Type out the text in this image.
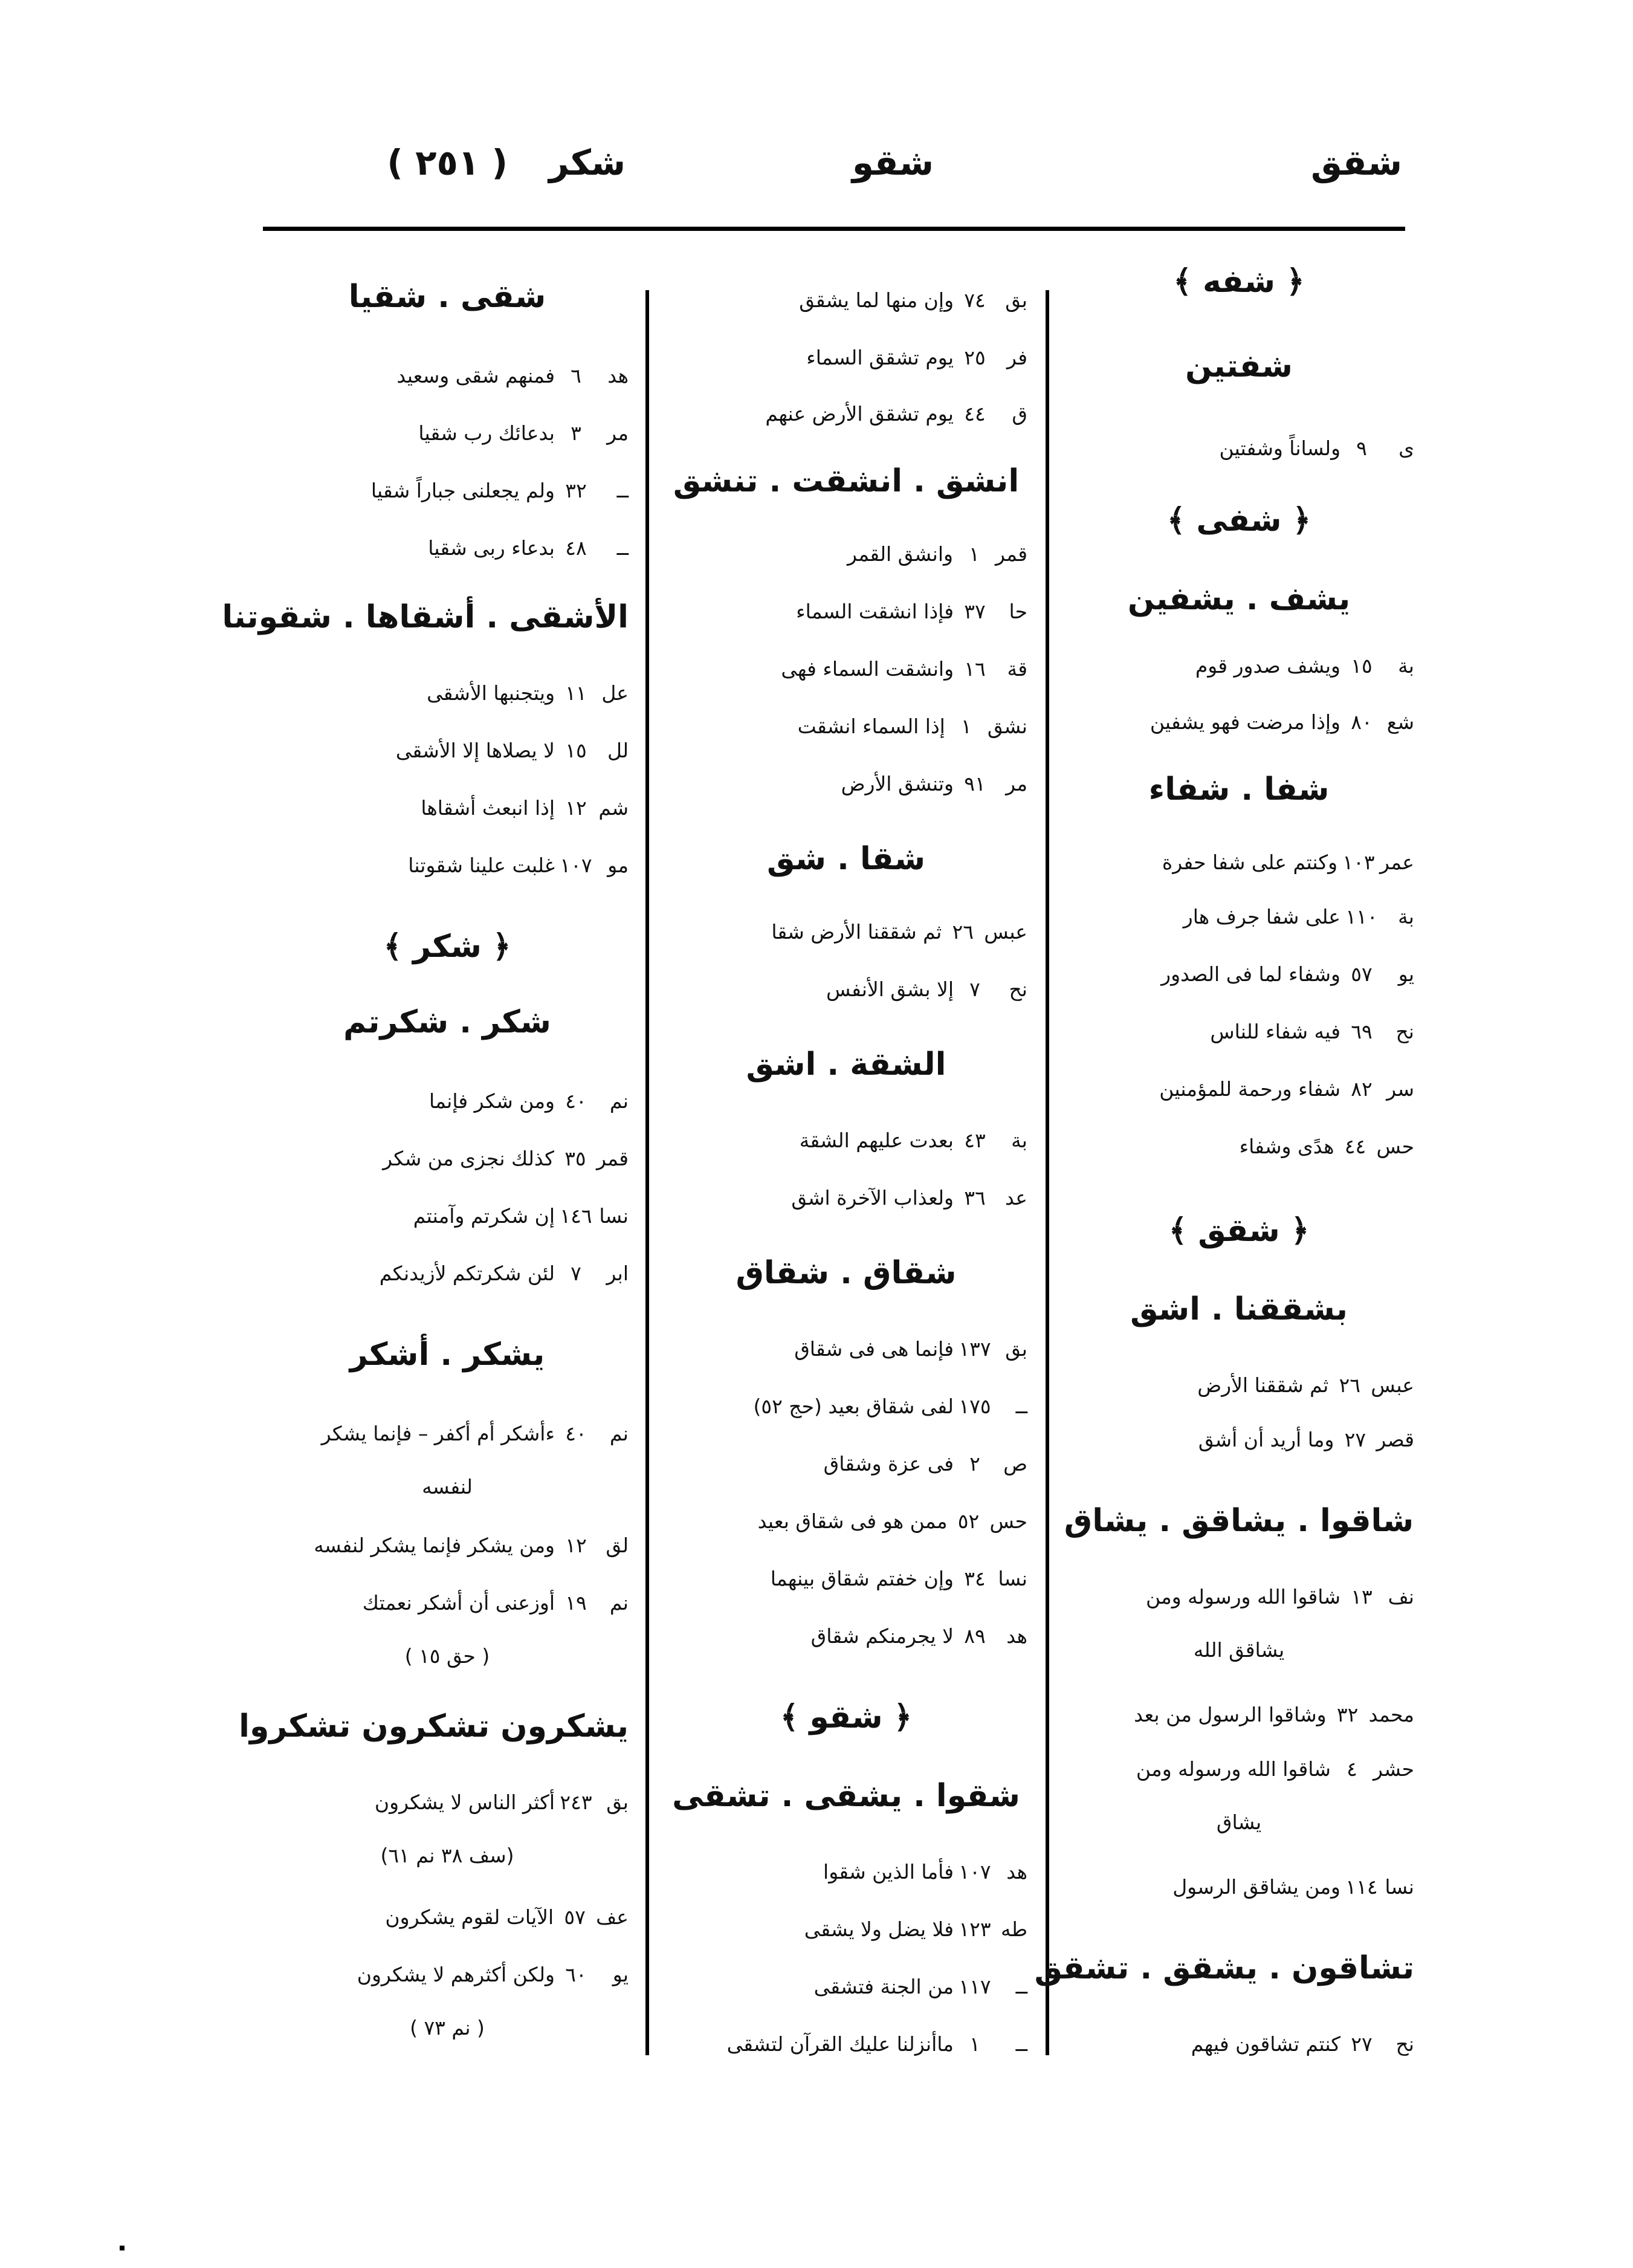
شقق
شقو
شكر
( ٢٥١ )
﴿ شفه ﴾
شفتين
ى٩ولساناً وشفتين
﴿ شفى ﴾
يشف . يشفين
بة١٥ويشف صدور قوم
شع٨٠وإذا مرضت فهو يشفين
شفا . شفاء
عمر١٠٣وكنتم على شفا حفرة
بة١١٠على شفا جرف هار
يو٥٧وشفاء لما فى الصدور
نح٦٩فيه شفاء للناس
سر٨٢شفاء ورحمة للمؤمنين
حس٤٤هدًى وشفاء
﴿ شقق ﴾
بشققنا . اشق
عبس٢٦ثم شققنا الأرض
قصر٢٧وما أريد أن أشق
شاقوا . يشاقق . يشاق
نف١٣شاقوا الله ورسوله ومن
يشاقق الله
محمد٣٢وشاقوا الرسول من بعد
حشر٤شاقوا الله ورسوله ومن
يشاق
نسا١١٤ومن يشاقق الرسول
تشاقون . يشقق . تشقق
نح٢٧كنتم تشاقون فيهم
بق٧٤وإن منها لما يشقق
فر٢٥يوم تشقق السماء
ق٤٤يوم تشقق الأرض عنهم
انشق . انشقت . تنشق
قمر١وانشق القمر
حا٣٧فإذا انشقت السماء
قة١٦وانشقت السماء فهى
نشق١إذا السماء انشقت
مر٩١وتنشق الأرض
شقا . شق
عبس٢٦ثم شققنا الأرض شقا
نح٧إلا بشق الأنفس
الشقة . اشق
بة٤٣بعدت عليهم الشقة
عد٣٦ولعذاب الآخرة اشق
شقاق . شقاق
بق١٣٧فإنما هى فى شقاق
ــ١٧٥لفى شقاق بعيد (حج ٥٢)
ص٢فى عزة وشقاق
حس٥٢ممن هو فى شقاق بعيد
نسا٣٤وإن خفتم شقاق بينهما
هد٨٩لا يجرمنكم شقاق
﴿ شقو ﴾
شقوا . يشقى . تشقى
هد١٠٧فأما الذين شقوا
طه١٢٣فلا يضل ولا يشقى
ــ١١٧من الجنة فتشقى
ــ١ماأنزلنا عليك القرآن لتشقى
شقى . شقيا
هد٦فمنهم شقى وسعيد
مر٣بدعائك رب شقيا
ــ٣٢ولم يجعلنى جباراً شقيا
ــ٤٨بدعاء ربى شقيا
الأشقى . أشقاها . شقوتنا
عل١١ويتجنبها الأشقى
لل١٥لا يصلاها إلا الأشقى
شم١٢إذا انبعث أشقاها
مو١٠٧غلبت علينا شقوتنا
﴿ شكر ﴾
شكر . شكرتم
نم٤٠ومن شكر فإنما
قمر٣٥كذلك نجزى من شكر
نسا١٤٦إن شكرتم وآمنتم
ابر٧لئن شكرتكم لأزيدنكم
يشكر . أشكر
نم٤٠ءأشكر أم أكفر – فإنما يشكر
لنفسه
لق١٢ومن يشكر فإنما يشكر لنفسه
نم١٩أوزعنى أن أشكر نعمتك
( حق ١٥ )
يشكرون تشكرون تشكروا
بق٢٤٣أكثر الناس لا يشكرون
(سف ٣٨ نم ٦١)
عف٥٧الآيات لقوم يشكرون
يو٦٠ولكن أكثرهم لا يشكرون
( نم ٧٣ )
